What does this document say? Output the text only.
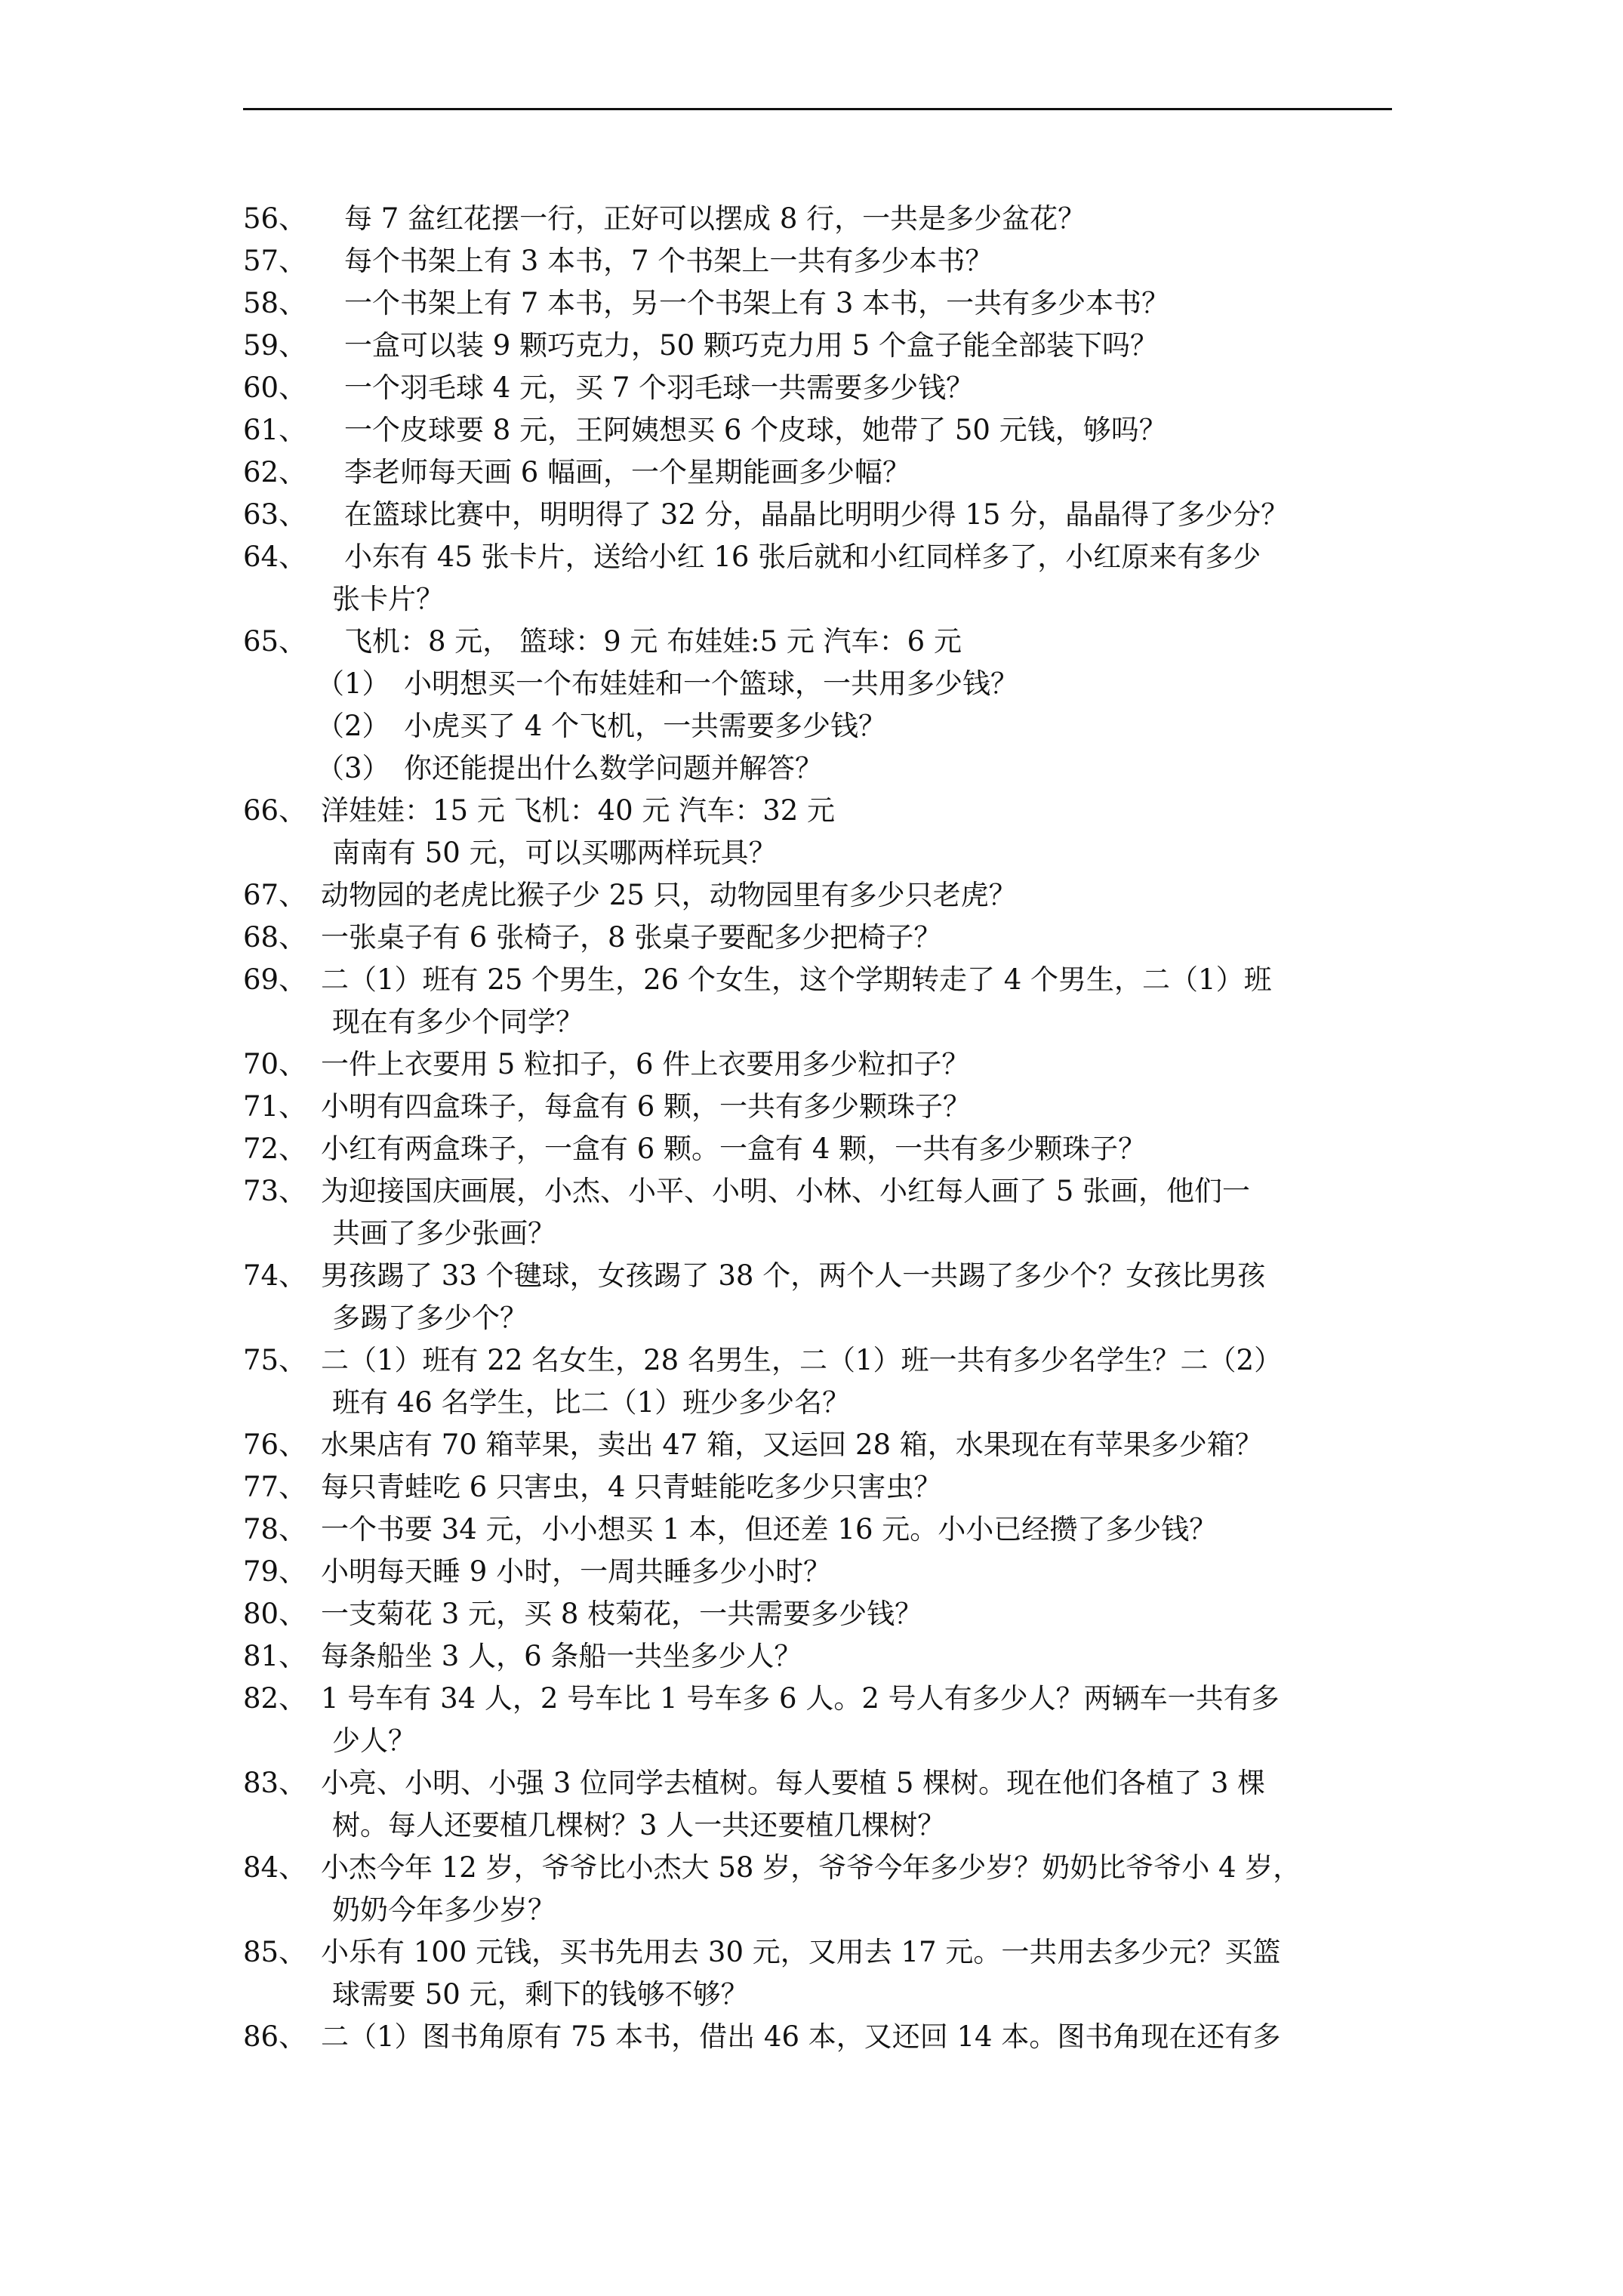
56、 每 7 盆红花摆一行，正好可以摆成 8 行，一共是多少盆花？
57、 每个书架上有 3 本书，7 个书架上一共有多少本书？
58、 一个书架上有 7 本书，另一个书架上有 3 本书，一共有多少本书？
59、 一盒可以装 9 颗巧克力，50 颗巧克力用 5 个盒子能全部装下吗？
60、 一个羽毛球 4 元，买 7 个羽毛球一共需要多少钱？
61、 一个皮球要 8 元，王阿姨想买 6 个皮球，她带了 50 元钱，够吗？
62、 李老师每天画 6 幅画，一个星期能画多少幅？
63、 在篮球比赛中，明明得了 32 分，晶晶比明明少得 15 分，晶晶得了多少分？
64、 小东有 45 张卡片，送给小红 16 张后就和小红同样多了，小红原来有多少
张卡片？
65、 飞机：8 元， 篮球：9 元 布娃娃:5 元 汽车：6 元
（1） 小明想买一个布娃娃和一个篮球，一共用多少钱？
（2） 小虎买了 4 个飞机，一共需要多少钱？
（3） 你还能提出什么数学问题并解答？
66、 洋娃娃：15 元 飞机：40 元 汽车：32 元
南南有 50 元，可以买哪两样玩具？
67、 动物园的老虎比猴子少 25 只，动物园里有多少只老虎？
68、 一张桌子有 6 张椅子，8 张桌子要配多少把椅子？
69、 二（1）班有 25 个男生，26 个女生，这个学期转走了 4 个男生，二（1）班
现在有多少个同学？
70、 一件上衣要用 5 粒扣子，6 件上衣要用多少粒扣子？
71、 小明有四盒珠子，每盒有 6 颗，一共有多少颗珠子？
72、 小红有两盒珠子，一盒有 6 颗。一盒有 4 颗，一共有多少颗珠子？
73、 为迎接国庆画展，小杰、小平、小明、小林、小红每人画了 5 张画，他们一
共画了多少张画？
74、 男孩踢了 33 个毽球，女孩踢了 38 个，两个人一共踢了多少个？女孩比男孩
多踢了多少个？
75、 二（1）班有 22 名女生，28 名男生，二（1）班一共有多少名学生？二（2）
班有 46 名学生，比二（1）班少多少名？
76、 水果店有 70 箱苹果，卖出 47 箱，又运回 28 箱，水果现在有苹果多少箱？
77、 每只青蛙吃 6 只害虫，4 只青蛙能吃多少只害虫？
78、 一个书要 34 元，小小想买 1 本，但还差 16 元。小小已经攒了多少钱？
79、 小明每天睡 9 小时，一周共睡多少小时？
80、 一支菊花 3 元，买 8 枝菊花，一共需要多少钱？
81、 每条船坐 3 人，6 条船一共坐多少人？
82、 1 号车有 34 人，2 号车比 1 号车多 6 人。2 号人有多少人？两辆车一共有多
少人？
83、 小亮、小明、小强 3 位同学去植树。每人要植 5 棵树。现在他们各植了 3 棵
树。每人还要植几棵树？3 人一共还要植几棵树？
84、 小杰今年 12 岁，爷爷比小杰大 58 岁，爷爷今年多少岁？奶奶比爷爷小 4 岁，
奶奶今年多少岁？
85、 小乐有 100 元钱，买书先用去 30 元，又用去 17 元。一共用去多少元？买篮
球需要 50 元，剩下的钱够不够？
86、 二（1）图书角原有 75 本书，借出 46 本，又还回 14 本。图书角现在还有多
